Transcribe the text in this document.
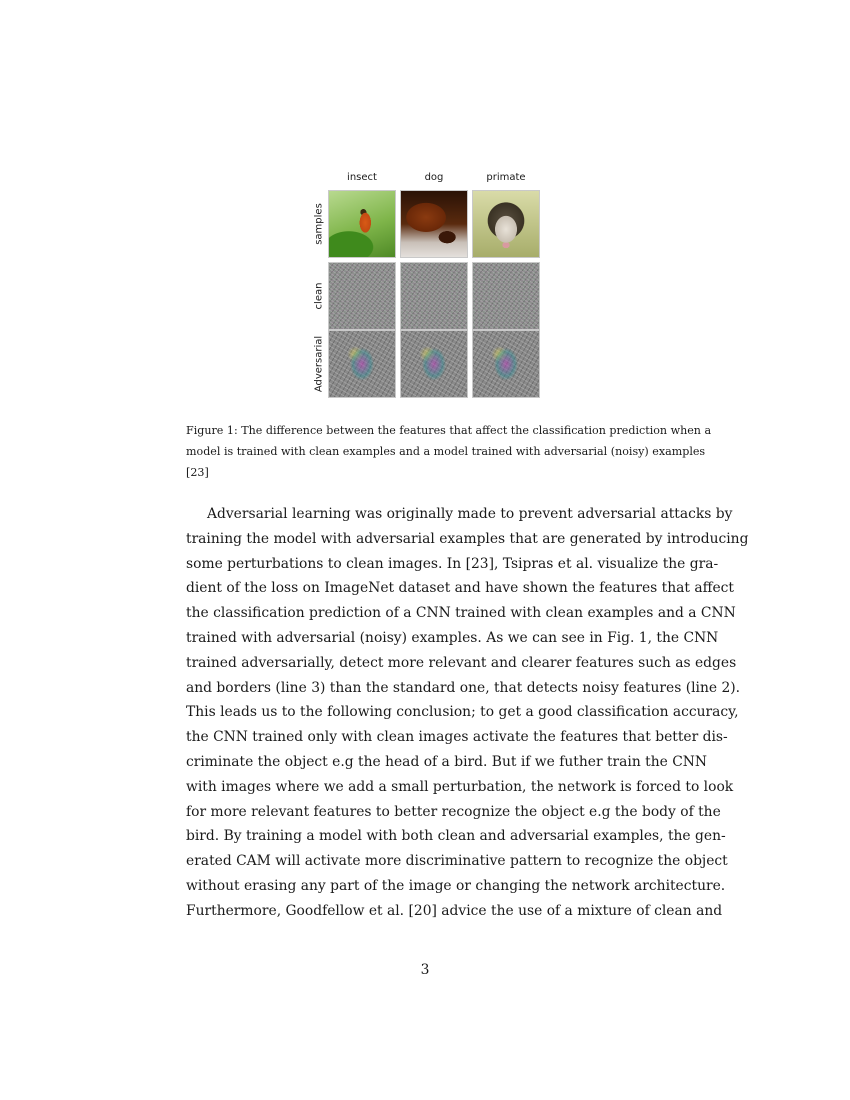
insect	dog	primate
samples
clean
Adversarial
Figure 1: The difference between the features that affect the classification prediction when a
model is trained with clean examples and a model trained with adversarial (noisy) examples
[23]
Adversarial learning was originally made to prevent adversarial attacks by
training the model with adversarial examples that are generated by introducing
some perturbations to clean images. In [23], Tsipras et al. visualize the gra-
dient of the loss on ImageNet dataset and have shown the features that affect
the classification prediction of a CNN trained with clean examples and a CNN
trained with adversarial (noisy) examples. As we can see in Fig. 1, the CNN
trained adversarially, detect more relevant and clearer features such as edges
and borders (line 3) than the standard one, that detects noisy features (line 2).
This leads us to the following conclusion; to get a good classification accuracy,
the CNN trained only with clean images activate the features that better dis-
criminate the object e.g the head of a bird. But if we futher train the CNN
with images where we add a small perturbation, the network is forced to look
for more relevant features to better recognize the object e.g the body of the
bird. By training a model with both clean and adversarial examples, the gen-
erated CAM will activate more discriminative pattern to recognize the object
without erasing any part of the image or changing the network architecture.
Furthermore, Goodfellow et al. [20] advice the use of a mixture of clean and
3
